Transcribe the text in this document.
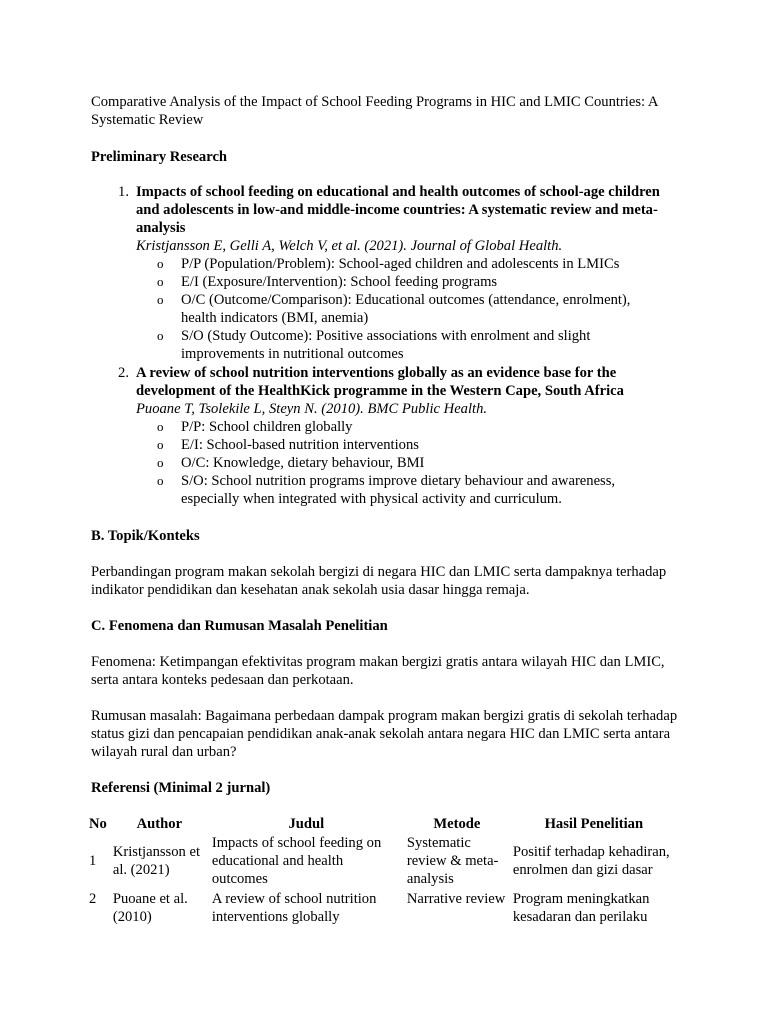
Comparative Analysis of the Impact of School Feeding Programs in HIC and LMIC Countries: A Systematic Review
Preliminary Research
1. Impacts of school feeding on educational and health outcomes of school-age children and adolescents in low-and middle-income countries: A systematic review and meta-analysis
Kristjansson E, Gelli A, Welch V, et al. (2021). Journal of Global Health.
o P/P (Population/Problem): School-aged children and adolescents in LMICs
o E/I (Exposure/Intervention): School feeding programs
o O/C (Outcome/Comparison): Educational outcomes (attendance, enrolment), health indicators (BMI, anemia)
o S/O (Study Outcome): Positive associations with enrolment and slight improvements in nutritional outcomes
2. A review of school nutrition interventions globally as an evidence base for the development of the HealthKick programme in the Western Cape, South Africa
Puoane T, Tsolekile L, Steyn N. (2010). BMC Public Health.
o P/P: School children globally
o E/I: School-based nutrition interventions
o O/C: Knowledge, dietary behaviour, BMI
o S/O: School nutrition programs improve dietary behaviour and awareness, especially when integrated with physical activity and curriculum.
B. Topik/Konteks

Perbandingan program makan sekolah bergizi di negara HIC dan LMIC serta dampaknya terhadap indikator pendidikan dan kesehatan anak sekolah usia dasar hingga remaja.

C. Fenomena dan Rumusan Masalah Penelitian

Fenomena: Ketimpangan efektivitas program makan bergizi gratis antara wilayah HIC dan LMIC, serta antara konteks pedesaan dan perkotaan.

Rumusan masalah: Bagaimana perbedaan dampak program makan bergizi gratis di sekolah terhadap status gizi dan pencapaian pendidikan anak-anak sekolah antara negara HIC dan LMIC serta antara wilayah rural dan urban?

Referensi (Minimal 2 jurnal)
No	Author	Judul	Metode	Hasil Penelitian
1	Kristjansson et al. (2021)	Impacts of school feeding on educational and health outcomes	Systematic review & meta-analysis	Positif terhadap kehadiran, enrolmen dan gizi dasar
2	Puoane et al. (2010)	A review of school nutrition interventions globally	Narrative review	Program meningkatkan kesadaran dan perilaku
